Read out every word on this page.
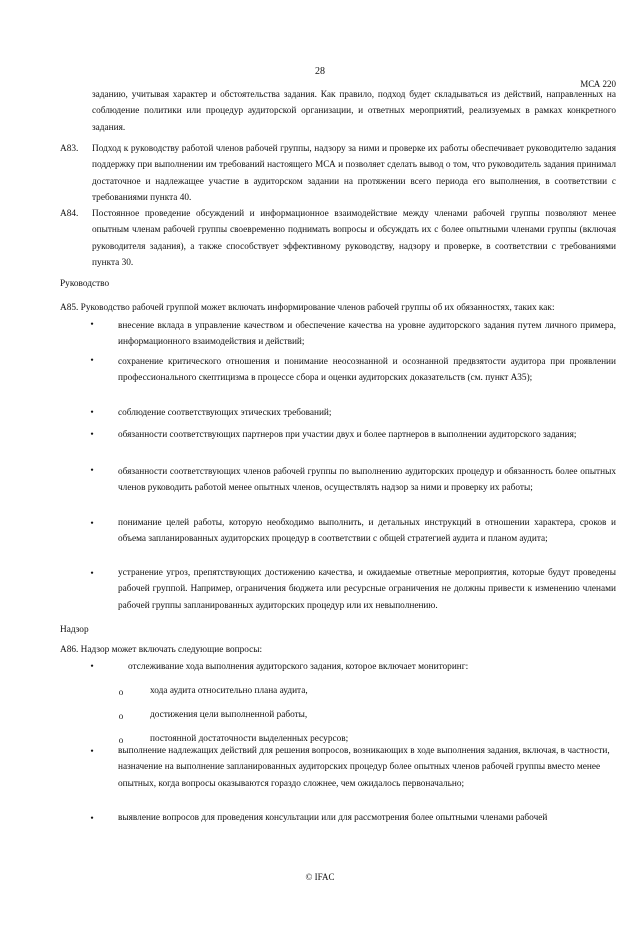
28
МСА 220
заданию, учитывая характер и обстоятельства задания. Как правило, подход будет складываться из действий, направленных на соблюдение политики или процедур аудиторской организации, и ответных мероприятий, реализуемых в рамках конкретного задания.
A83. Подход к руководству работой членов рабочей группы, надзору за ними и проверке их работы обеспечивает руководителю задания поддержку при выполнении им требований настоящего МСА и позволяет сделать вывод о том, что руководитель задания принимал достаточное и надлежащее участие в аудиторском задании на протяжении всего периода его выполнения, в соответствии с требованиями пункта 40.
A84. Постоянное проведение обсуждений и информационное взаимодействие между членами рабочей группы позволяют менее опытным членам рабочей группы своевременно поднимать вопросы и обсуждать их с более опытными членами группы (включая руководителя задания), а также способствует эффективному руководству, надзору и проверке, в соответствии с требованиями пункта 30.
Руководство
A85. Руководство рабочей группой может включать информирование членов рабочей группы об их обязанностях, таких как:
•	внесение вклада в управление качеством и обеспечение качества на уровне аудиторского задания путем личного примера, информационного взаимодействия и действий;
•	сохранение критического отношения и понимание неосознанной и осознанной предвзятости аудитора при проявлении профессионального скептицизма в процессе сбора и оценки аудиторских доказательств (см. пункт A35);
•	соблюдение соответствующих этических требований;
•	обязанности соответствующих партнеров при участии двух и более партнеров в выполнении аудиторского задания;
•	обязанности соответствующих членов рабочей группы по выполнению аудиторских процедур и обязанность более опытных членов руководить работой менее опытных членов, осуществлять надзор за ними и проверку их работы;
•	понимание целей работы, которую необходимо выполнить, и детальных инструкций в отношении характера, сроков и объема запланированных аудиторских процедур в соответствии с общей стратегией аудита и планом аудита;
•	устранение угроз, препятствующих достижению качества, и ожидаемые ответные мероприятия, которые будут проведены рабочей группой. Например, ограничения бюджета или ресурсные ограничения не должны привести к изменению членами рабочей группы запланированных аудиторских процедур или их невыполнению.
Надзор
A86. Надзор может включать следующие вопросы:
•	отслеживание хода выполнения аудиторского задания, которое включает мониторинг:
o	хода аудита относительно плана аудита,
o	достижения цели выполненной работы,
o	постоянной достаточности выделенных ресурсов;
•	выполнение надлежащих действий для решения вопросов, возникающих в ходе выполнения задания, включая, в частности, назначение на выполнение запланированных аудиторских процедур более опытных членов рабочей группы вместо менее опытных, когда вопросы оказываются гораздо сложнее, чем ожидалось первоначально;
•	выявление вопросов для проведения консультации или для рассмотрения более опытными членами рабочей
© IFAC
